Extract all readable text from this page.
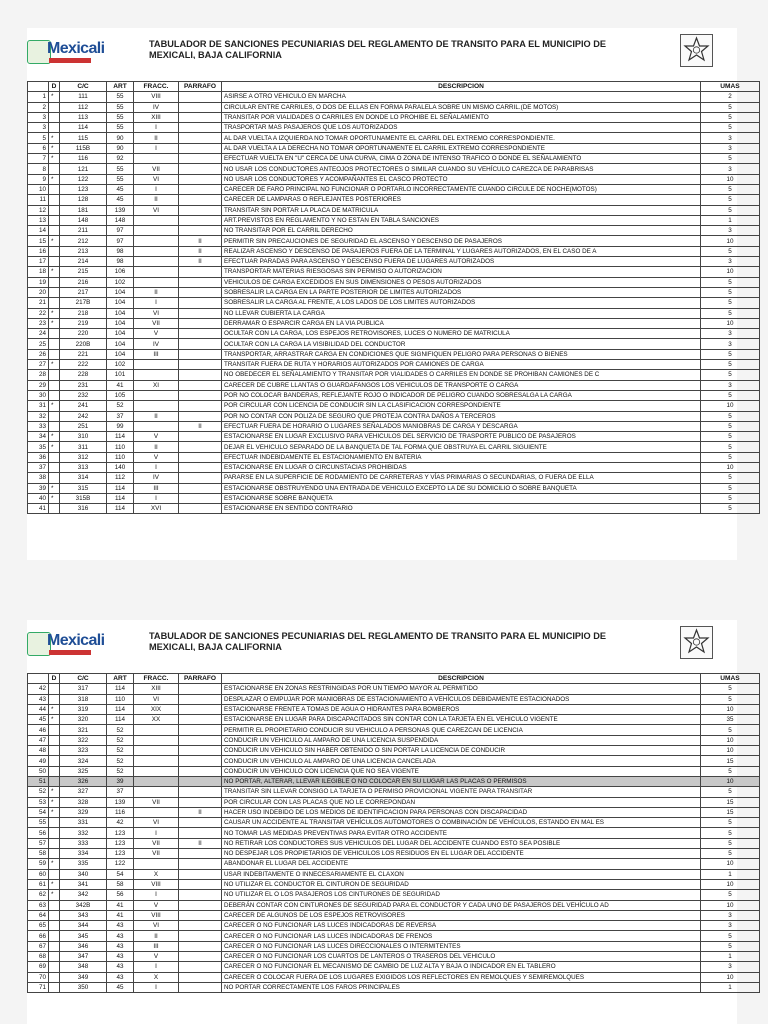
Mexicali	TABULADOR DE SANCIONES PECUNIARIAS DEL REGLAMENTO DE TRANSITO PARA EL MUNICIPIO DE MEXICALI, BAJA CALIFORNIA
	D	C/C	ART	FRACC.	PARRAFO	DESCRIPCION	UMAS
1	*	111	55	VIII		ASIRSE A OTRO VEHICULO EN MARCHA	2
2		112	55	IV		CIRCULAR ENTRE CARRILES, O DOS DE ELLAS EN FORMA PARALELA SOBRE UN MISMO CARRIL.(DE MOTOS)	5
3		113	55	XIII		TRANSITAR POR VIALIDADES O CARRILES EN DONDE LO PROHIBE EL SEÑALAMIENTO	5
3		114	55	I		TRASPORTAR MAS PASAJEROS QUE LOS AUTORIZADOS	5
5	*	115	90	II		AL DAR VUELTA A IZQUIERDA NO TOMAR OPORTUNAMENTE EL CARRIL DEL EXTREMO CORRESPONDIENTE.	3
6	*	115B	90	I		AL DAR VUELTA A LA DERECHA NO TOMAR OPORTUNAMENTE EL CARRIL EXTREMO CORRESPONDIENTE	3
7	*	116	92			EFECTUAR VUELTA EN "U" CERCA DE UNA CURVA, CIMA O ZONA DE INTENSO TRAFICO O DONDE EL SEÑALAMIENTO	5
8		121	55	VII		NO USAR LOS CONDUCTORES ANTEOJOS PROTECTORES O SIMILAR CUANDO SU VEHÍCULO CAREZCA DE PARABRISAS	3
9	*	122	55	VI		NO USAR LOS CONDUCTORES Y ACOMPAÑANTES EL CASCO PROTECTO	10
10		123	45	I		CARECER DE FARO PRINCIPAL NO FUNCIONAR O PORTARLO INCORRECTAMENTE CUANDO CIRCULE DE NOCHE(MOTOS)	5
11		128	45	II		CARECER DE LAMPARAS O REFLEJANTES POSTERIORES	5
12		181	139	VI		TRANSITAR SIN PORTAR LA PLACA DE MATRICULA	5
13		148	148			ART.PREVISTOS EN REGLAMENTO Y NO ESTAN EN TABLA SANCIONES	1
14		211	97			NO TRANSITAR POR EL CARRIL DERECHO	3
15	*	212	97		II	PERMITIR SIN PRECAUCIONES DE SEGURIDAD EL ASCENSO Y DESCENSO DE PASAJEROS	10
16		213	98		II	REALIZAR ASCENSO Y DESCENSO DE PASAJEROS FUERA DE LA TERMINAL Y LUGARES AUTORIZADOS, EN EL CASO DE A	5
17		214	98		II	EFECTUAR PARADAS PARA ASCENSO Y DESCENSO FUERA DE LUGARES AUTORIZADOS	3
18	*	215	106			TRANSPORTAR MATERIAS RIESGOSAS SIN PERMISO O AUTORIZACION	10
19		216	102			VEHICULOS DE CARGA EXCEDIDOS EN SUS DIMENSIONES O PESOS AUTORIZADOS	5
20		217	104	II		SOBRESALIR LA CARGA EN LA PARTE POSTERIOR DE LIMITES AUTORIZADOS	5
21		217B	104	I		SOBRESALIR LA CARGA AL FRENTE, A LOS LADOS DE LOS LIMITES AUTORIZADOS	5
22	*	218	104	VI		NO LLEVAR CUBIERTA LA CARGA	5
23	*	219	104	VII		DERRAMAR O ESPARCIR CARGA EN LA VIA PUBLICA	10
24		220	104	V		OCULTAR CON LA CARGA, LOS ESPEJOS RETROVISORES, LUCES O NUMERO DE MATRICULA	3
25		220B	104	IV		OCULTAR CON LA CARGA LA VISIBILIDAD DEL CONDUCTOR	3
26		221	104	III		TRANSPORTAR, ARRASTRAR CARGA EN CONDICIONES QUE SIGNIFIQUEN PELIGRO PARA PERSONAS O BIENES	5
27	*	222	102			TRANSITAR FUERA DE RUTA Y HORARIOS AUTORIZADOS POR CAMIONES DE CARGA	5
28		228	101			NO OBEDECER EL SEÑALAMIENTO Y TRANSITAR POR VIALIDADES O CARRILES EN DONDE SE PROHIBAN CAMIONES DE C	5
29		231	41	XI		CARECER DE CUBRE LLANTAS O GUARDAFANGOS LOS VEHICULOS DE TRANSPORTE O CARGA	3
30		232	105			POR NO COLOCAR BANDERAS, REFLEJANTE ROJO O INDICADOR DE PELIGRO CUANDO SOBRESALGA LA CARGA	5
31	*	241	52			POR CIRCULAR CON LICENCIA DE CONDUCIR SIN LA CLASIFICACION CORRESPONDIENTE	10
32		242	37	II		POR NO CONTAR CON POLIZA DE SEGURO QUE PROTEJA CONTRA DAÑOS A TERCEROS	5
33		251	99		II	EFECTUAR FUERA DE HORARIO O LUGARES SEÑALADOS MANIOBRAS DE CARGA Y DESCARGA	5
34	*	310	114	V		ESTACIONARSE EN LUGAR EXCLUSIVO PARA VEHICULOS DEL SERVICIO DE TRASPORTE PUBLICO DE PASAJEROS	5
35	*	311	110	II		DEJAR EL VEHICULO SEPARADO DE LA BANQUETA DE TAL FORMA QUE OBSTRUYA EL CARRIL SIGUIENTE	5
36		312	110	V		EFECTUAR INDEBIDAMENTE EL ESTACIONAMIENTO EN BATERIA	5
37		313	140	I		ESTACIONARSE EN LUGAR O CIRCUNSTACIAS PROHIBIDAS	10
38		314	112	IV		PARARSE EN LA SUPERFICIE DE RODAMIENTO DE CARRETERAS Y VÍAS PRIMARIAS O SECUNDARIAS, O FUERA DE ELLA	5
39	*	315	114	III		ESTACIONARSE OBSTRUYENDO UNA ENTRADA DE VEHICULO EXCEPTO LA DE SU DOMICILIO O SOBRE BANQUETA	5
40	*	315B	114	I		ESTACIONARSE SOBRE BANQUETA	5
41		316	114	XVI		ESTACIONARSE EN SENTIDO CONTRARIO	5
Mexicali	TABULADOR DE SANCIONES PECUNIARIAS DEL REGLAMENTO DE TRANSITO PARA EL MUNICIPIO DE MEXICALI, BAJA CALIFORNIA
	D	C/C	ART	FRACC.	PARRAFO	DESCRIPCION	UMAS
42		317	114	XIII		ESTACIONARSE EN ZONAS RESTRINGIDAS POR UN TIEMPO MAYOR AL PERMITIDO	5
43		318	110	VI		DESPLAZAR O EMPUJAR POR MANIOBRAS DE ESTACIONAMIENTO A VEHÍCULOS DEBIDAMENTE ESTACIONADOS	5
44	*	319	114	XIX		ESTACIONARSE FRENTE A TOMAS DE AGUA O HIDRANTES PARA BOMBEROS	10
45	*	320	114	XX		ESTACIONARSE EN LUGAR PARA DISCAPACITADOS SIN CONTAR CON LA TARJETA EN EL VEHICULO VIGENTE	35
46		321	52			PERMITIR EL PROPIETARIO CONDUCIR SU VEHICULO A PERSONAS QUE CAREZCAN DE LICENCIA	5
47		322	52			CONDUCIR UN VEHICULO AL AMPARO DE UNA LICENCIA SUSPENDIDA	10
48		323	52			CONDUCIR UN VEHICULO SIN HABER OBTENIDO O SIN PORTAR LA LICENCIA DE CONDUCIR	10
49		324	52			CONDUCIR UN VEHICULO AL AMPARO DE UNA LICENCIA CANCELADA	15
50		325	52			CONDUCIR UN VEHICULO CON LICENCIA QUE NO SEA VIGENTE	5
51		326	39			NO PORTAR, ALTERAR, LLEVAR ILEGIBLE O NO COLOCAR EN SU LUGAR LAS PLACAS O PERMISOS	10
52	*	327	37			TRANSITAR SIN LLEVAR CONSIGO LA TARJETA O PERMISO PROVICIONAL VIGENTE PARA TRANSITAR	5
53	*	328	139	VII		POR CIRCULAR CON LAS PLACAS QUE NO LE CORREPONDAN	15
54	*	329	116		II	HACER USO INDEBIDO DE LOS MEDIOS DE IDENTIFICACION PARA PERSONAS CON DISCAPACIDAD	15
55		331	42	VI		CAUSAR UN ACCIDENTE AL TRANSITAR VEHÍCULOS AUTOMOTORES O COMBINACIÓN DE VEHÍCULOS, ESTANDO EN MAL ES	5
56		332	123	I		NO TOMAR LAS MEDIDAS PREVENTIVAS PARA EVITAR OTRO ACCIDENTE	5
57		333	123	VII	II	NO RETIRAR LOS CONDUCTORES SUS VEHICULOS DEL LUGAR DEL ACCIDENTE CUANDO ESTO SEA POSIBLE	5
58		334	123	VII		NO DESPEJAR LOS PROPIETARIOS DE VEHICULOS LOS RESIDUOS EN EL LUGAR DEL ACCIDENTE	5
59	*	335	122			ABANDONAR EL LUGAR DEL ACCIDENTE	10
60		340	54	X		USAR INDEBITAMENTE O INNECESARIAMENTE EL CLAXON	1
61	*	341	58	VIII		NO UTILIZAR EL CONDUCTOR EL CINTURON DE SEGURIDAD	10
62	*	342	56	I		NO UTILIZAR EL O LOS PASAJEROS LOS CINTURONES DE SEGURIDAD	5
63		342B	41	V		DEBERÁN CONTAR CON CINTURONES DE SEGURIDAD PARA EL CONDUCTOR Y CADA UNO DE PASAJEROS DEL VEHÍCULO AD	10
64		343	41	VIII		CARECER DE ALGUNOS DE LOS ESPEJOS RETROVISORES	3
65		344	43	VI		CARECER O NO FUNCIONAR LAS LUCES INDICADORAS DE REVERSA	3
66		345	43	II		CARECER O NO FUNCIONAR LAS LUCES INDICADORAS DE FRENOS	5
67		346	43	III		CARECER O NO FUNCIONAR LAS LUCES DIRECCIONALES O INTERMITENTES	5
68		347	43	V		CARECER O NO FUNCIONAR LOS CUARTOS DE LANTEROS O TRASEROS DEL VEHICULO	1
69		348	43	I		CARECER O NO FUNCIONAR EL MECANISMO DE CAMBIO DE LUZ ALTA Y BAJA O INDICADOR EN EL TABLERO	3
70		349	43	X		CARECER O COLOCAR FUERA DE LOS LUGARES EXIGIDOS LOS REFLECTORES EN REMOLQUES Y SEMIREMOLQUES	10
71		350	45	I		NO PORTAR CORRECTAMENTE LOS FAROS PRINCIPALES	1
